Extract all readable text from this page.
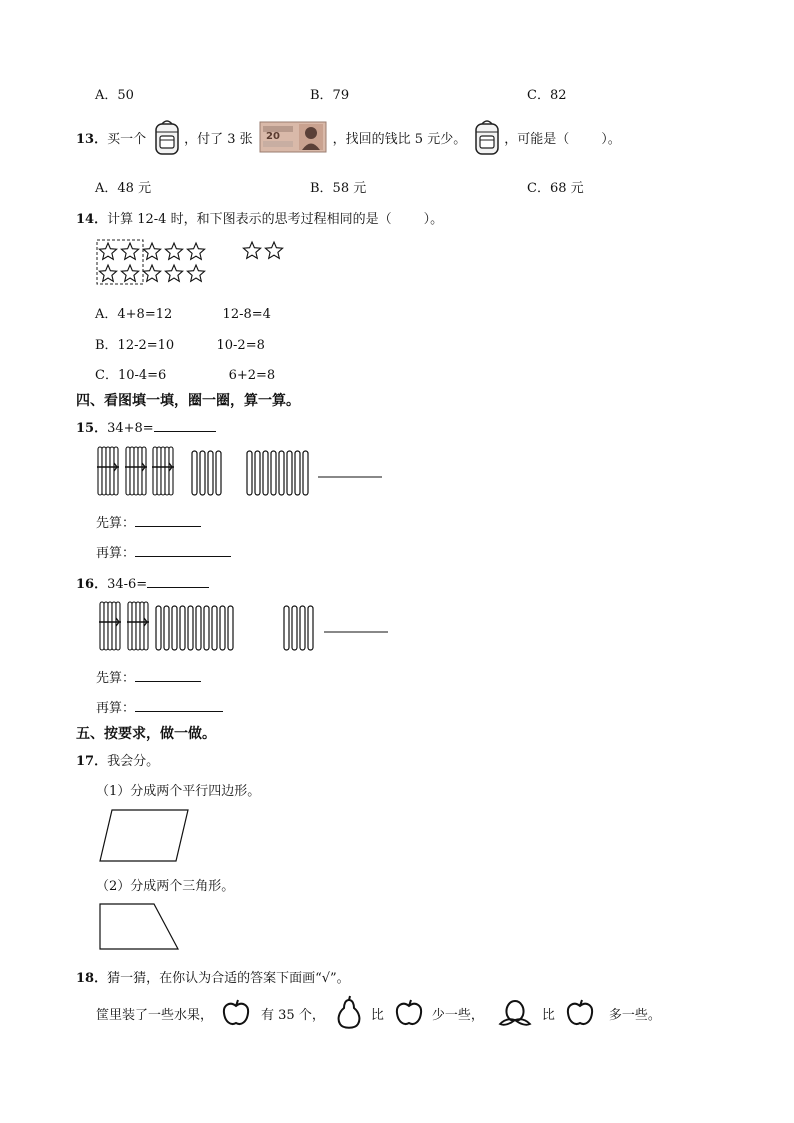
A．50	B．79	C．82
13． 买一个	，付了 3 张 20	，找回的钱比 5 元少。	，可能是（ ）。
A．48 元	B．58 元	C．68 元
14．计算 12-4 时，和下图表示的思考过程相同的是（ ）。
A．4+8=12	12-8=4
B．12-2=10	10-2=8
C．10-4=6	6+2=8
四、看图填一填，圈一圈，算一算。
15．34+8=
先算：
再算：
16．34-6=
先算：
再算：
五、按要求，做一做。
17．我会分。
（1）分成两个平行四边形。
（2）分成两个三角形。
18．猜一猜，在你认为合适的答案下面画“√”。
筐里装了一些水果，	有 35 个，	比	少一些，	比	多一些。
